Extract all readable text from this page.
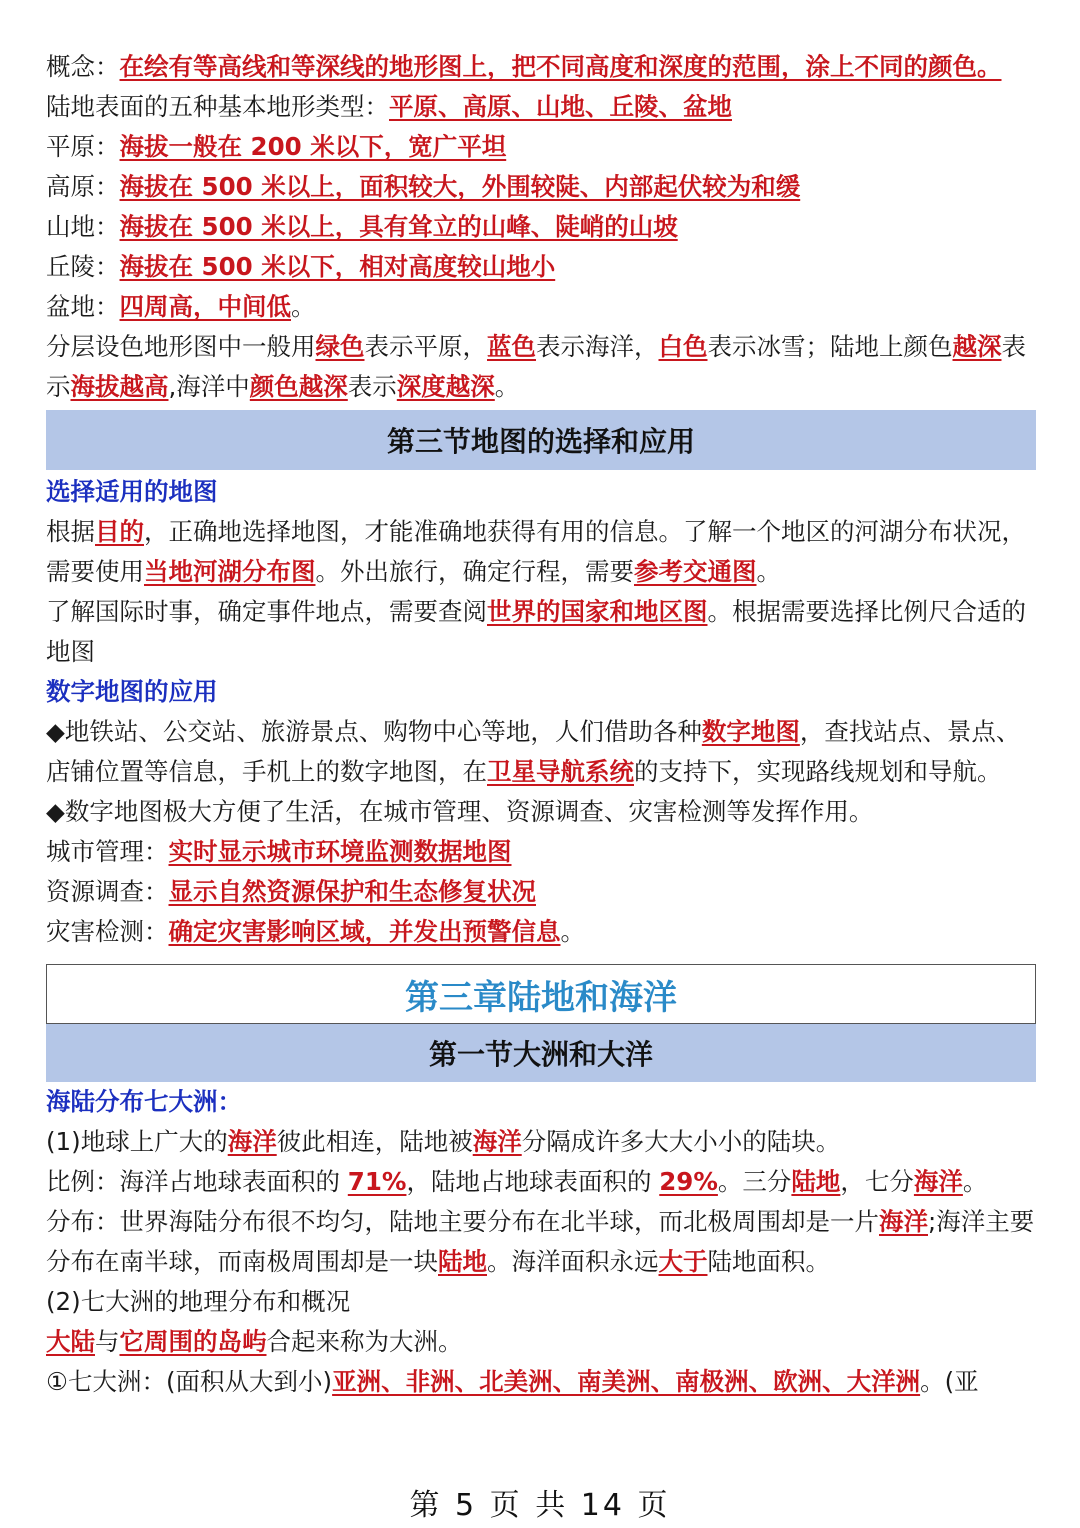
概念：在绘有等高线和等深线的地形图上，把不同高度和深度的范围，涂上不同的颜色。
陆地表面的五种基本地形类型：平原、高原、山地、丘陵、盆地
平原：海拔一般在 200 米以下，宽广平坦
高原：海拔在 500 米以上，面积较大，外围较陡、内部起伏较为和缓
山地：海拔在 500 米以上，具有耸立的山峰、陡峭的山坡
丘陵：海拔在 500 米以下，相对高度较山地小
盆地：四周高，中间低。
分层设色地形图中一般用绿色表示平原，蓝色表示海洋，白色表示冰雪；陆地上颜色越深表示海拔越高,海洋中颜色越深表示深度越深。
第三节地图的选择和应用
选择适用的地图
根据目的，正确地选择地图，才能准确地获得有用的信息。了解一个地区的河湖分布状况，需要使用当地河湖分布图。外出旅行，确定行程，需要参考交通图。
了解国际时事，确定事件地点，需要查阅世界的国家和地区图。根据需要选择比例尺合适的地图
数字地图的应用
◆地铁站、公交站、旅游景点、购物中心等地，人们借助各种数字地图，查找站点、景点、店铺位置等信息，手机上的数字地图，在卫星导航系统的支持下，实现路线规划和导航。
◆数字地图极大方便了生活，在城市管理、资源调查、灾害检测等发挥作用。
城市管理：实时显示城市环境监测数据地图
资源调查：显示自然资源保护和生态修复状况
灾害检测：确定灾害影响区域，并发出预警信息。
第三章陆地和海洋
第一节大洲和大洋
海陆分布七大洲：
(1)地球上广大的海洋彼此相连，陆地被海洋分隔成许多大大小小的陆块。
比例：海洋占地球表面积的 71%，陆地占地球表面积的 29%。三分陆地，七分海洋。
分布：世界海陆分布很不均匀，陆地主要分布在北半球，而北极周围却是一片海洋;海洋主要分布在南半球，而南极周围却是一块陆地。海洋面积永远大于陆地面积。
(2)七大洲的地理分布和概况
大陆与它周围的岛屿合起来称为大洲。
①七大洲：(面积从大到小)亚洲、非洲、北美洲、南美洲、南极洲、欧洲、大洋洲。(亚
第 5 页 共 14 页
